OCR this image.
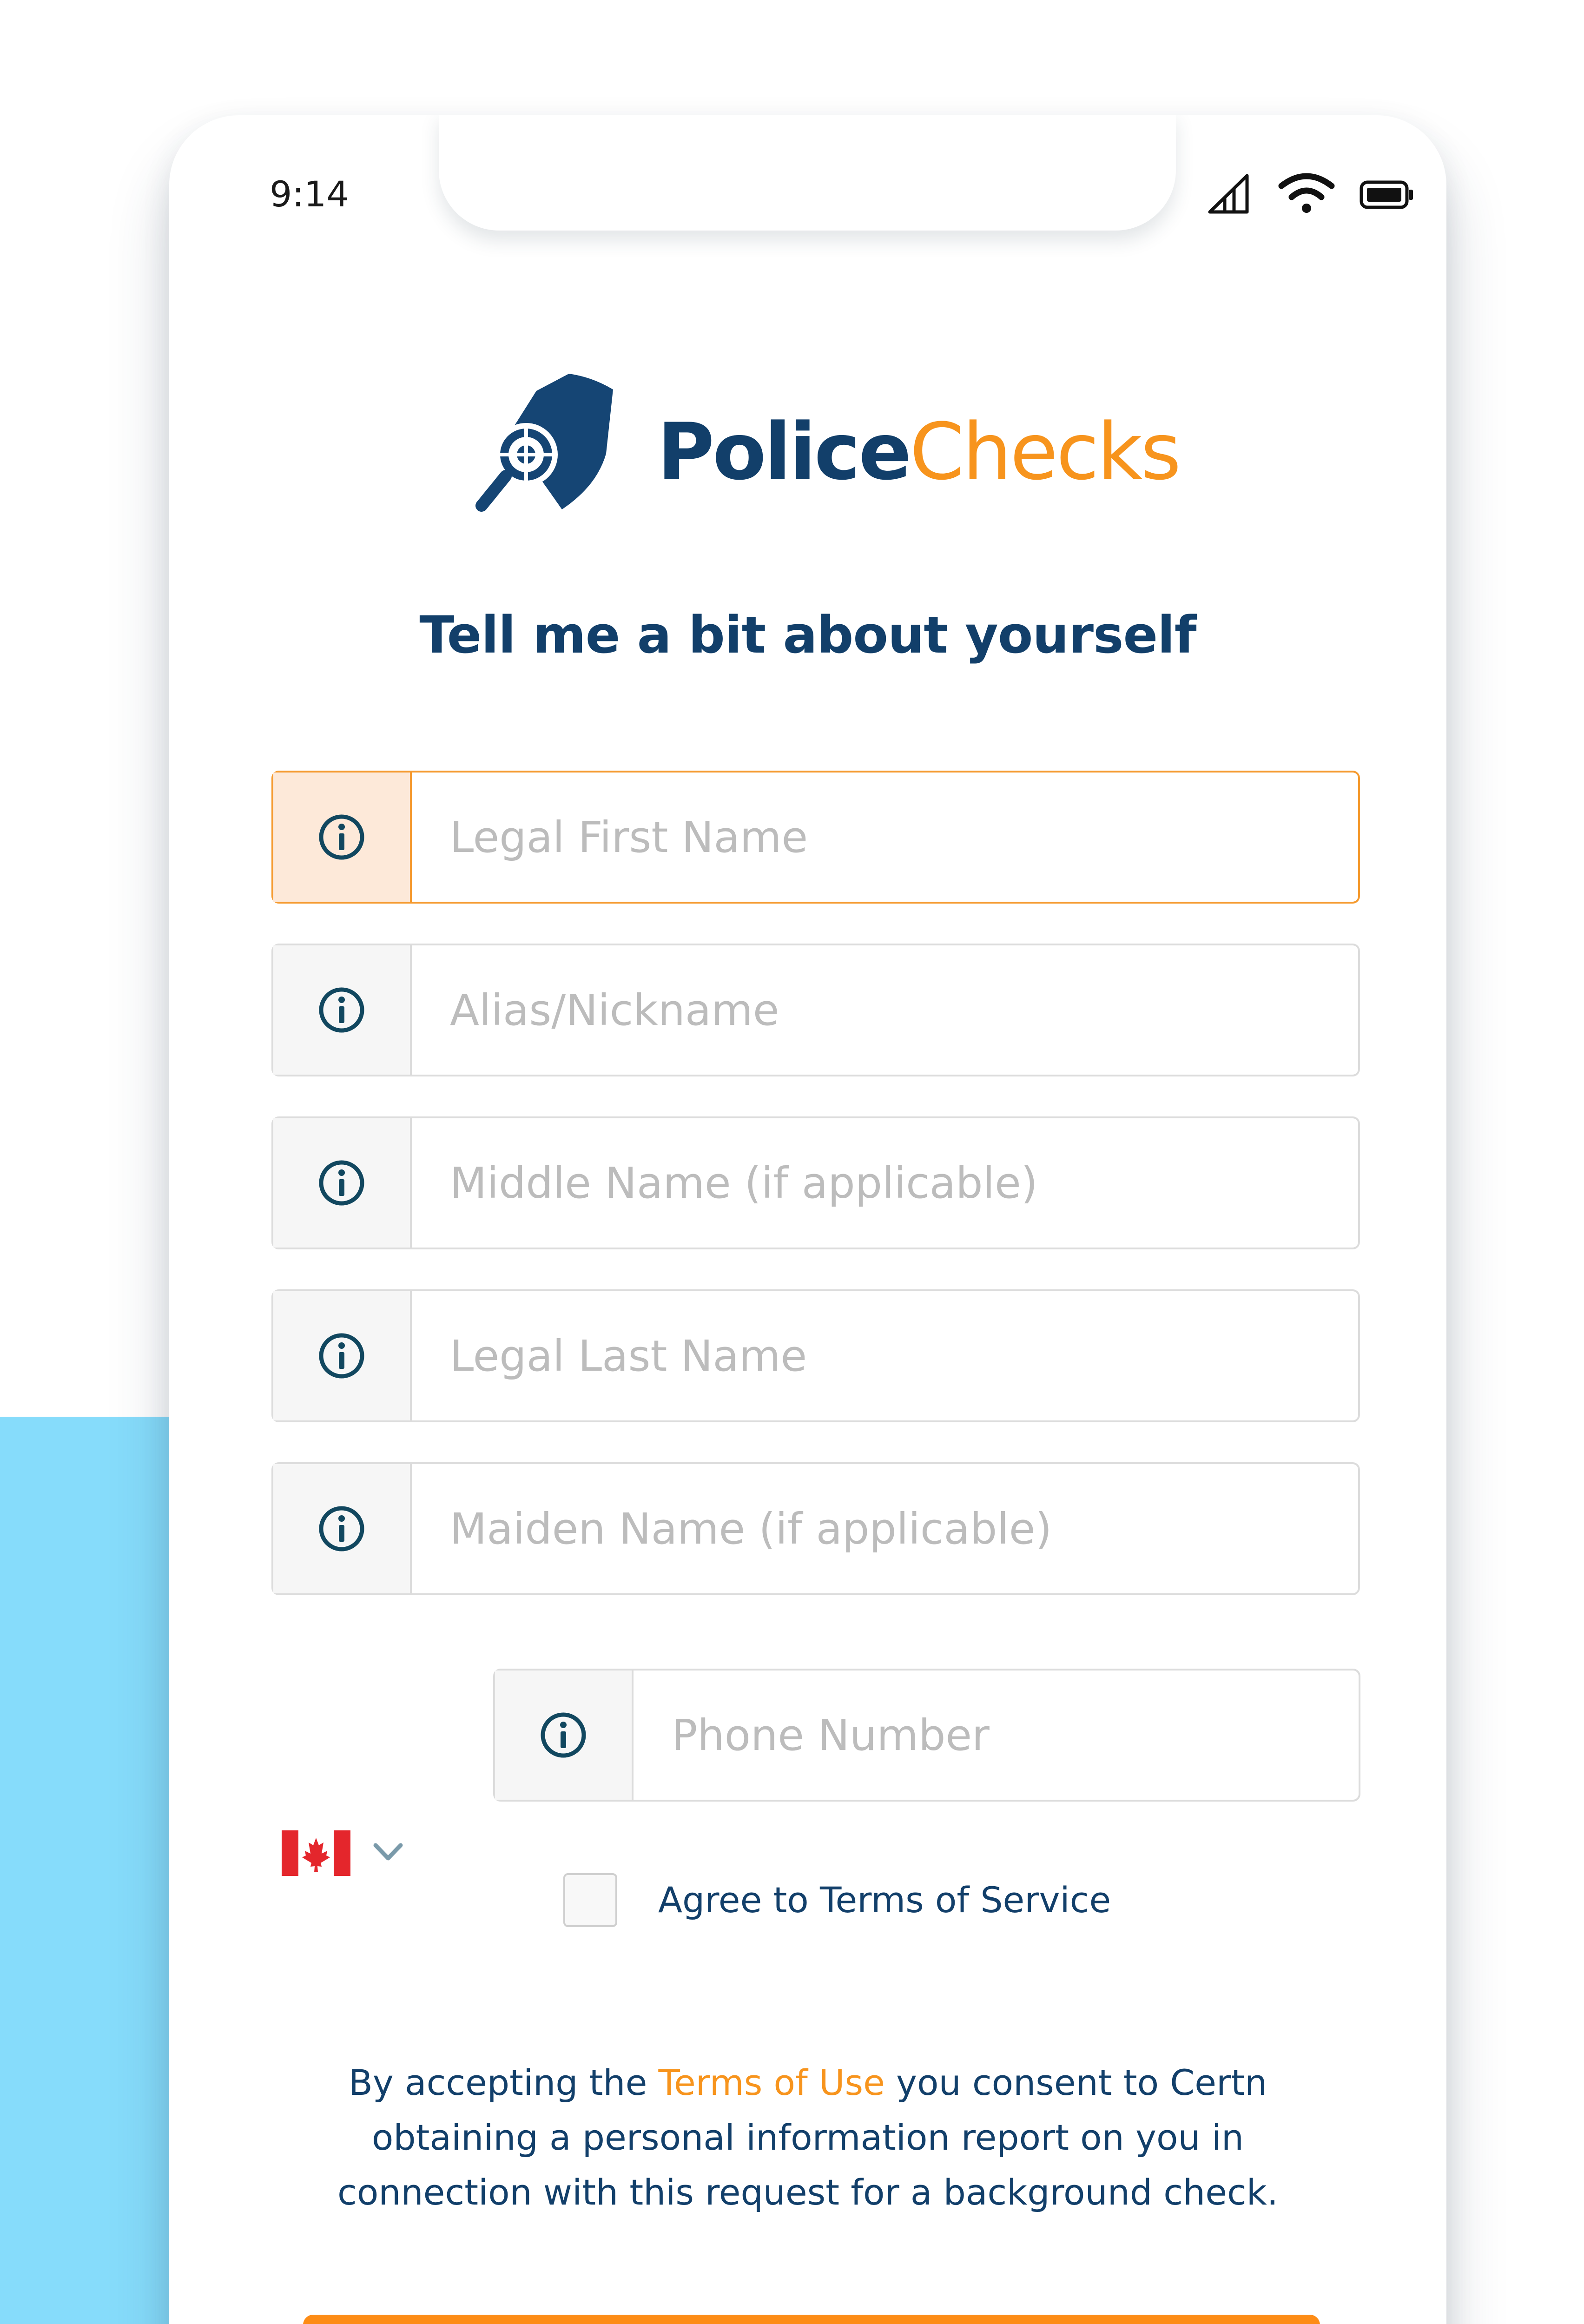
9:14
PoliceChecks
Tell me a bit about yourself
Legal First Name
Alias/Nickname
Middle Name (if applicable)
Legal Last Name
Maiden Name (if applicable)
Phone Number
Agree to Terms of Service
By accepting the Terms of Use you consent to Certn obtaining a personal information report on you in connection with this request for a background check.
